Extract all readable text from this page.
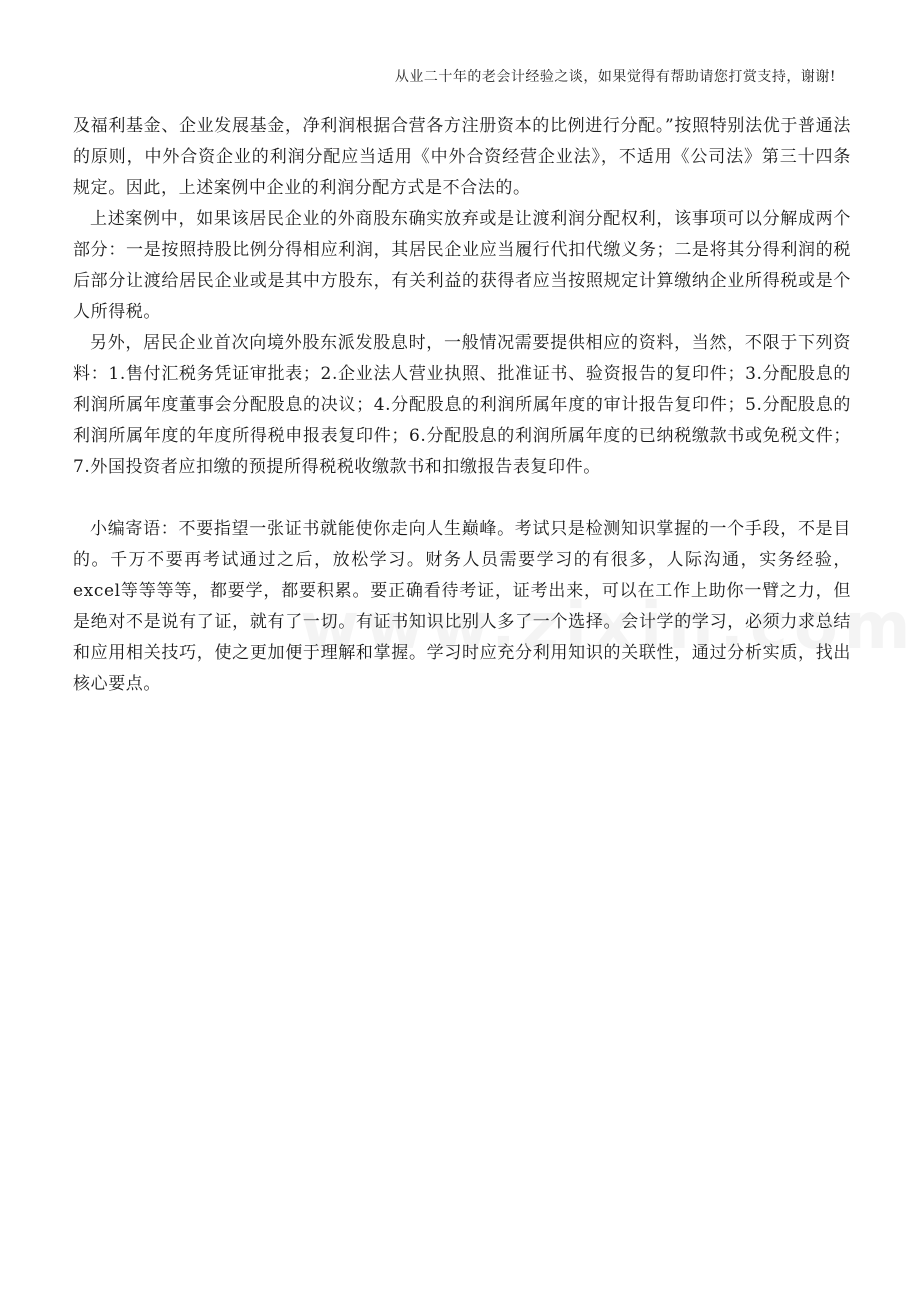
从业二十年的老会计经验之谈，如果觉得有帮助请您打赏支持，谢谢!

及福利基金、企业发展基金，净利润根据合营各方注册资本的比例进行分配。”按照特别法优于普通法的原则，中外合资企业的利润分配应当适用《中外合资经营企业法》，不适用《公司法》第三十四条规定。因此，上述案例中企业的利润分配方式是不合法的。

上述案例中，如果该居民企业的外商股东确实放弃或是让渡利润分配权利，该事项可以分解成两个部分：一是按照持股比例分得相应利润，其居民企业应当履行代扣代缴义务；二是将其分得利润的税后部分让渡给居民企业或是其中方股东，有关利益的获得者应当按照规定计算缴纳企业所得税或是个人所得税。

另外，居民企业首次向境外股东派发股息时，一般情况需要提供相应的资料，当然，不限于下列资料：1.售付汇税务凭证审批表；2.企业法人营业执照、批准证书、验资报告的复印件；3.分配股息的利润所属年度董事会分配股息的决议；4.分配股息的利润所属年度的审计报告复印件；5.分配股息的利润所属年度的年度所得税申报表复印件；6.分配股息的利润所属年度的已纳税缴款书或免税文件；7.外国投资者应扣缴的预提所得税税收缴款书和扣缴报告表复印件。

小编寄语：不要指望一张证书就能使你走向人生巅峰。考试只是检测知识掌握的一个手段，不是目的。千万不要再考试通过之后，放松学习。财务人员需要学习的有很多，人际沟通，实务经验，excel等等等等，都要学，都要积累。要正确看待考证，证考出来，可以在工作上助你一臂之力，但是绝对不是说有了证，就有了一切。有证书知识比别人多了一个选择。会计学的学习，必须力求总结和应用相关技巧，使之更加便于理解和掌握。学习时应充分利用知识的关联性，通过分析实质，找出核心要点。
